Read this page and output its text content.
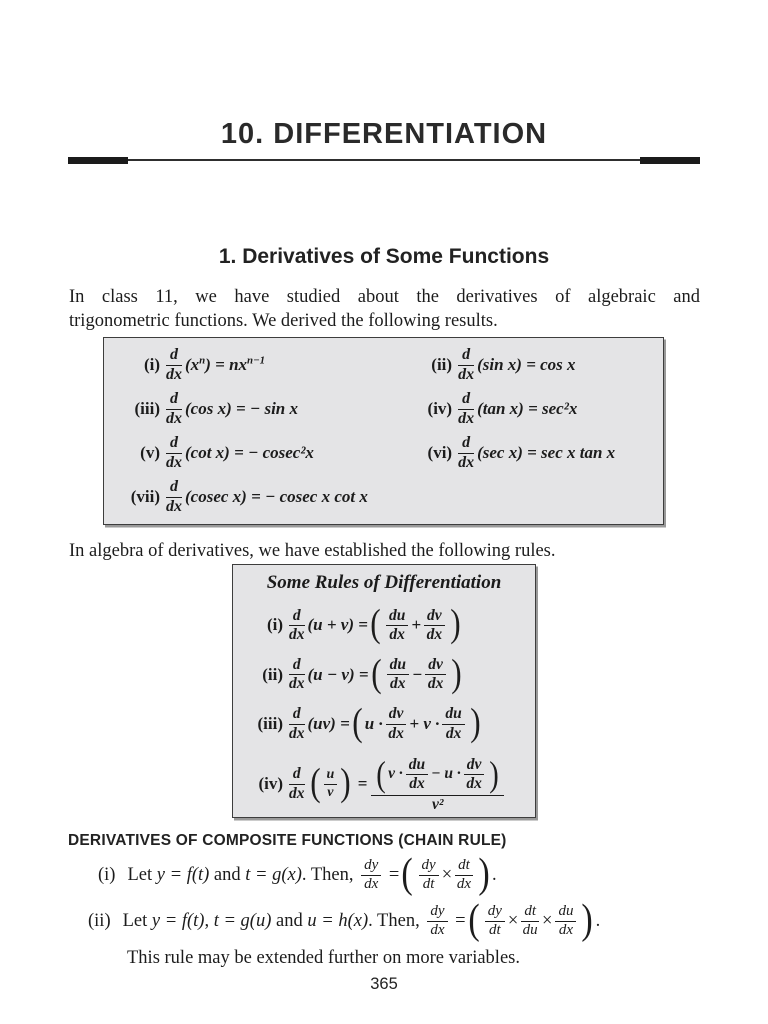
10. DIFFERENTIATION
1. Derivatives of Some Functions
In class 11, we have studied about the derivatives of algebraic and
trigonometric functions. We derived the following results.
$(i) \frac{d}{dx} (x^n) = nx^{n-1}$	$(ii) \frac{d}{dx} (\sin$ x) = cos x
$(iii) \frac{d}{dx} (\cos$ x) = − sin x	$(iv) \frac{d}{dx} (\tan$ x) = sec²x
$(v) \frac{d}{dx} (\cot$ x) = − cosec²x	$(vi) \frac{d}{dx} (\sec$ x) = sec x tan x
$(vii) \frac{d}{dx} (cosec$ x) = − cosec x cot x
In algebra of derivatives, we have established the following rules.
Some Rules of Differentiation
$(i) \frac{d}{dx} (u + v)$
= ( $\frac{du}{dx} + \frac{dv}{dx}$ )
$(ii) \frac{d}{dx} (u - v)$
= ( $\frac{du}{dx} - \frac{dv}{dx}$ )
$(iii) \frac{d}{dx} (uv)$
= ( $u \cdot \frac{dv}{dx} + v \cdot \frac{du}{dx}$ )
$(iv) \frac{d}{dx}$ ( $\frac{u}{v}$ )
= ( $v \cdot \frac{du}{dx} - u \cdot \frac{dv}{dx}$ )
v²
DERIVATIVES OF COMPOSITE FUNCTIONS (CHAIN RULE)
(i) Let y = f(t) and t = g(x) . Then, $\frac{dy}{dx}$
= ( $\frac{dy}{dt} \times \frac{dt}{dx}$ ) .
(ii) Let y = f(t) , t = g(u) and u = h(x) . Then, $\frac{dy}{dx}$
= ( $\frac{dy}{dt} \times \frac{dt}{du} \times \frac{du}{dx}$ ) .
This rule may be extended further on more variables.
365
